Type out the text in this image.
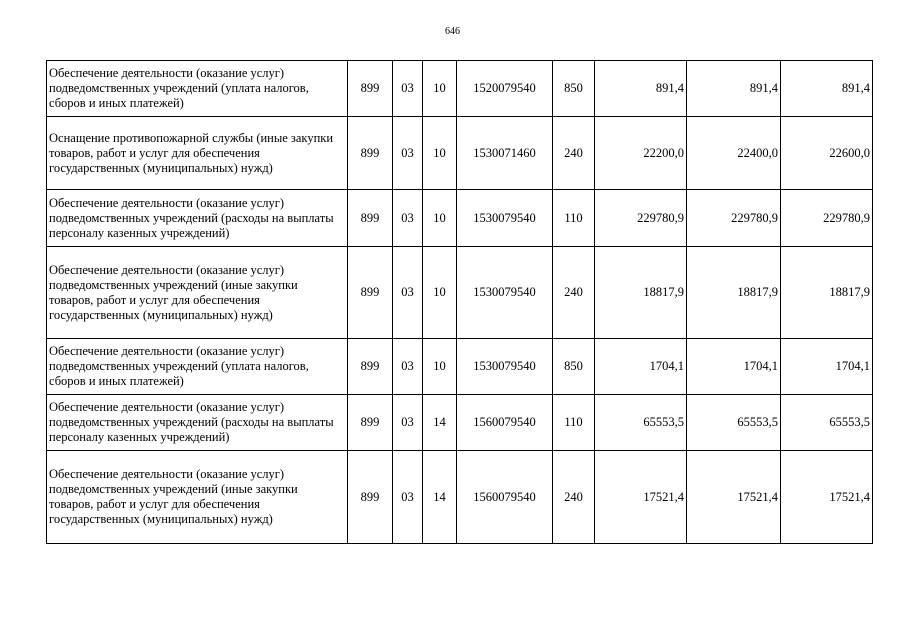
646
Обеспечение деятельности (оказание услуг) подведомственных учреждений (уплата налогов, сборов и иных платежей)	899	03	10	1520079540	850	891,4	891,4	891,4
Оснащение противопожарной службы (иные закупки товаров, работ и услуг для обеспечения государственных (муниципальных) нужд)	899	03	10	1530071460	240	22200,0	22400,0	22600,0
Обеспечение деятельности (оказание услуг) подведомственных учреждений (расходы на выплаты персоналу казенных учреждений)	899	03	10	1530079540	110	229780,9	229780,9	229780,9
Обеспечение деятельности (оказание услуг) подведомственных учреждений (иные закупки товаров, работ и услуг для обеспечения государственных (муниципальных) нужд)	899	03	10	1530079540	240	18817,9	18817,9	18817,9
Обеспечение деятельности (оказание услуг) подведомственных учреждений (уплата налогов, сборов и иных платежей)	899	03	10	1530079540	850	1704,1	1704,1	1704,1
Обеспечение деятельности (оказание услуг) подведомственных учреждений (расходы на выплаты персоналу казенных учреждений)	899	03	14	1560079540	110	65553,5	65553,5	65553,5
Обеспечение деятельности (оказание услуг) подведомственных учреждений (иные закупки товаров, работ и услуг для обеспечения государственных (муниципальных) нужд)	899	03	14	1560079540	240	17521,4	17521,4	17521,4
